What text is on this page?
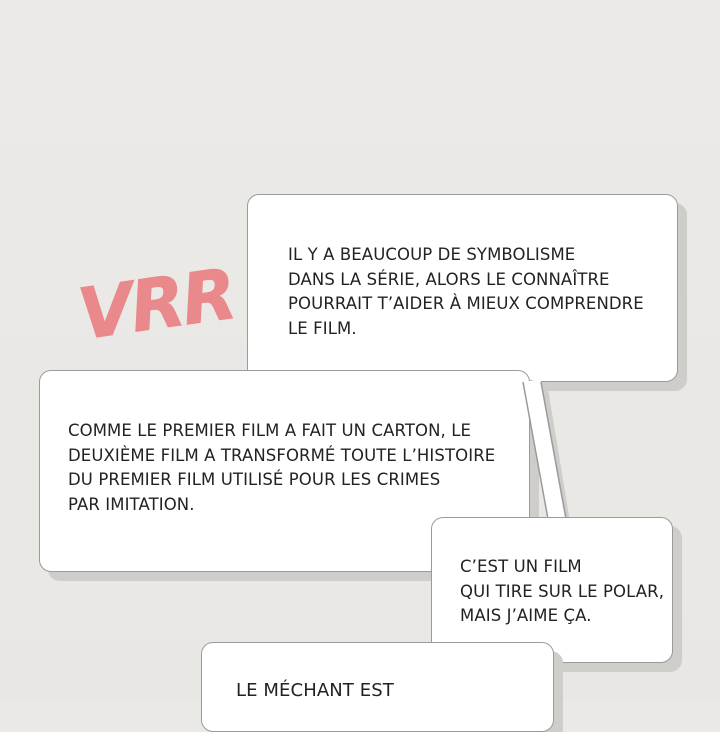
VRR	IL Y A BEAUCOUP DE SYMBOLISME
DANS LA SÉRIE, ALORS LE CONNAÎTRE
POURRAIT T’AIDER À MIEUX COMPRENDRE
LE FILM.

COMME LE PREMIER FILM A FAIT UN CARTON, LE
DEUXIÈME FILM A TRANSFORMÉ TOUTE L’HISTOIRE
DU PREMIER FILM UTILISÉ POUR LES CRIMES
PAR IMITATION.

C’EST UN FILM
QUI TIRE SUR LE POLAR,
MAIS J’AIME ÇA.

LE MÉCHANT EST
